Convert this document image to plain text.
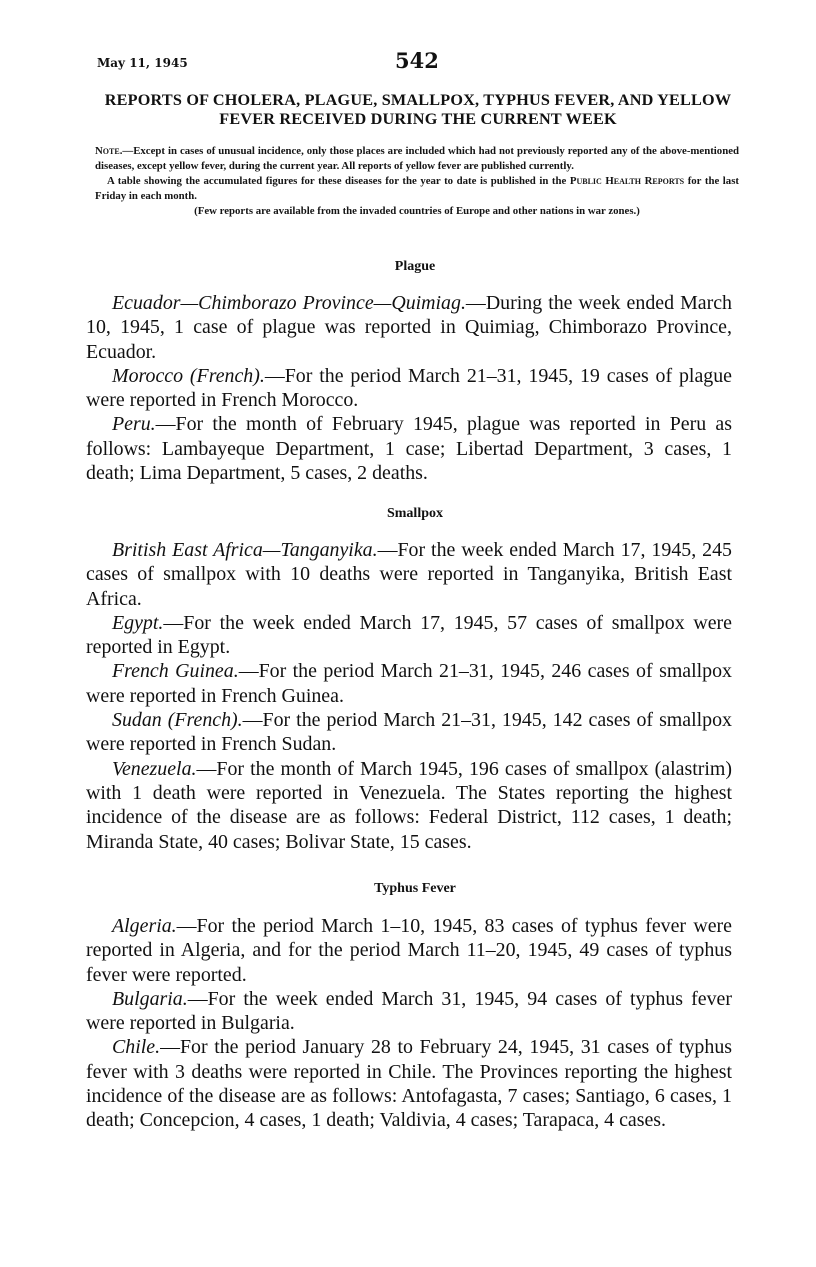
May 11, 1945	542
REPORTS OF CHOLERA, PLAGUE, SMALLPOX, TYPHUS FEVER, AND YELLOW FEVER RECEIVED DURING THE CURRENT WEEK

Note.—Except in cases of unusual incidence, only those places are included which had not previously reported any of the above-mentioned diseases, except yellow fever, during the current year. All reports of yellow fever are published currently.

A table showing the accumulated figures for these diseases for the year to date is published in the Public Health Reports for the last Friday in each month.

(Few reports are available from the invaded countries of Europe and other nations in war zones.)

Plague

Ecuador—Chimborazo Province—Quimiag.—During the week ended March 10, 1945, 1 case of plague was reported in Quimiag, Chimborazo Province, Ecuador.

Morocco (French).—For the period March 21–31, 1945, 19 cases of plague were reported in French Morocco.

Peru.—For the month of February 1945, plague was reported in Peru as follows: Lambayeque Department, 1 case; Libertad Department, 3 cases, 1 death; Lima Department, 5 cases, 2 deaths.

Smallpox

British East Africa—Tanganyika.—For the week ended March 17, 1945, 245 cases of smallpox with 10 deaths were reported in Tanganyika, British East Africa.

Egypt.—For the week ended March 17, 1945, 57 cases of smallpox were reported in Egypt.

French Guinea.—For the period March 21–31, 1945, 246 cases of smallpox were reported in French Guinea.

Sudan (French).—For the period March 21–31, 1945, 142 cases of smallpox were reported in French Sudan.

Venezuela.—For the month of March 1945, 196 cases of smallpox (alastrim) with 1 death were reported in Venezuela. The States reporting the highest incidence of the disease are as follows: Federal District, 112 cases, 1 death; Miranda State, 40 cases; Bolivar State, 15 cases.

Typhus Fever

Algeria.—For the period March 1–10, 1945, 83 cases of typhus fever were reported in Algeria, and for the period March 11–20, 1945, 49 cases of typhus fever were reported.

Bulgaria.—For the week ended March 31, 1945, 94 cases of typhus fever were reported in Bulgaria.

Chile.—For the period January 28 to February 24, 1945, 31 cases of typhus fever with 3 deaths were reported in Chile. The Provinces reporting the highest incidence of the disease are as follows: Antofagasta, 7 cases; Santiago, 6 cases, 1 death; Concepcion, 4 cases, 1 death; Valdivia, 4 cases; Tarapaca, 4 cases.
